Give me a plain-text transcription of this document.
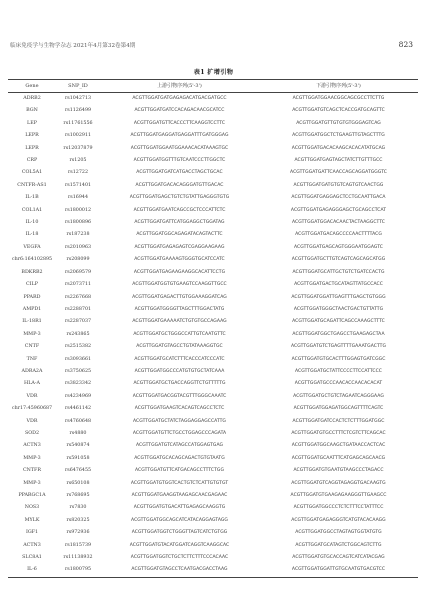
临床免疫学与生物学杂志 2021年4月第32卷第4期	823
表1 扩增引物
Gene	SNP_ID	上游引物序列(5'-3')	下游引物序列(5'-3')
ADRB2	rs1042713	ACGTTGGATGATGAGAGACATGACGATGCC	ACGTTGGATGGAACGGCAGCGCCTTCTTG
BGN	rs1126499	ACGTTGGATGATCCACAGACAACGCATCC	ACGTTGGATGTCAGCTCACCGATGCAGTTC
LEP	rs11761556	ACGTTGGATGTTCACCCTTCAAGGTCCTTC	ACGTTGGATGTTGTGTGTGGGAGTCAG
LEPR	rs1002911	ACGTTGGATGAGGATGAGGATTTGATGGGAG	ACGTTGGATGGCTCTGAAGTTGTAGCTTTG
LEPR	rs12037879	ACGTTGGATGGAATGGAAACACATAAAGTGC	ACGTTGGATGACACAAGCACACATATGCAG
CRP	rs1205	ACGTTGGATGGTTTGTCAATCCCTTGGCTC	ACGTTGGATGAGTAGCTATCTTGTTTGCC
COL5A1	rs12722	ACGTTGGATGATCATGACCTAGCTGCAC	ACGTTGGATGATTCAACCAGCAGGATGGGTC
CNTFR-AS1	rs1571401	ACGTTGGATGACACAGGGATGTTGACAC	ACGTTGGATGATGTGTCAGTGTCAACTGG
IL-1B	rs16944	ACGTTGGATGAGCTGTCTGTATTGAGGGTGTG	ACGTTGGATGAGGAGCTCCTGCAATTGACA
COL1A1	rs1800012	ACGTTGGATGAATCAGCCGCTCCCATTCTC	ACGTTGGATGAGAGGGAGCTGCAGCCTCAT
IL-10	rs1800896	ACGTTGGATGATTCATGGAGGCTGGATAG	ACGTTGGATGGACACAACTACTAAGGCTTC
IL-18	rs187238	ACGTTGGATGGCAGAGATACAGTACTTC	ACGTTGGATGACAGCCCCAACTTTTACG
VEGFA	rs2010963	ACGTTGGATGAGAGAGTCGAGGAAGAAG	ACGTTGGATGAGCAGTGGGAATGGAGTC
chr6:164102895	rs208099	ACGTTGGATGAAAAGTGGGTGCATCCATC	ACGTTGGATGCTTGTCAGTCAGCAGCATGG
BDKRB2	rs2069579	ACGTTGGATGAGAAGAAGGCACATTCCTG	ACGTTGGATGCATTGCTGTCTGATCCACTG
CILP	rs2073711	ACGTTGGATGGTGTGAAGTCCAAGGTTGCC	ACGTTGGATGACTGCATAGTTATGCCACC
PPARD	rs2267668	ACGTTGGATGAGACTTGTGGAAAGGATCAG	ACGTTGGATGGATTGAGTTTGAGCTGTGGG
AMPD1	rs2288701	ACGTTGGATGGGGTTAGCTTTGGACTATG	ACGTTGGATGGGCTAACTGACTGTTATTG
IL-18R1	rs2287037	ACGTTGGATGAAAAATCTGTGTGCCAGAAG	ACGTTGGATGCAGATTCAGCCAAAGCTTTC
MMP-3	rs243865	ACGTTGGATGCTGGGCCATTGTCAATGTTC	ACGTTGGATGGCTGAGCCTGAAGAGCTAA
CNTF	rs2515382	ACGTTGGATGTAGCCTGTATAAAGGTGC	ACGTTGGATGTCTGAGTTTTGAAATGACTTG
TNF	rs3093661	ACGTTGGATGCATCTTTCACCCATCCCATC	ACGTTGGATGTGCACTTTGGAGTGATCGGC
ADRA2A	rs3750625	ACGTTGGATGGCCCATGTGTGCTATCAAA	ACGTTGGATGCTATTCCCCTTCCATTCCC
HLA-A	rs3823342	ACGTTGGATGCTGACCAGGTTCTGTTTTTG	ACGTTGGATGCCCAACACCAACACACAT
VDR	rs4234969	ACGTTGGATGACGGTACGTTTGGGCAAATC	ACGTTGGATGCTGTCTAGAATCAGGGAAG
chr17:45960687	rs4461142	ACGTTGGATGAAGTCACAGTCAGCCTCTC	ACGTTGGATGGAGATGGCAGTTTTCAGTC
VDR	rs4760648	ACGTTGGATGCTATCTAGGAGGAGCCATTG	ACGTTGGATGATCCACTCTCTTTGGATGGC
SOD2	rs4880	ACGTTGGATGTTCTGCCTGGAGCCCAGATA	ACGTTGGATGTGCCTTTCTCGTCTTCAGCAC
ACTN3	rs540874	ACGTTGGATGTCATAGCCATGGAGTGAG	ACGTTGGATGGCAAGCTGATAACCACTCAC
MMP-3	rs591058	ACGTTGGATGCACAGCAGACTGTGTAATG	ACGTTGGATGCAATTTCATGAGCAGCAACG
CNTFR	rs6476455	ACGTTGGATGTTCATGACAGCCTTTCTGG	ACGTTGGATGTGAATGTAAGCCCTAGACC
MMP-3	rs650108	ACGTTGGATGTGGTCACTGTCTCATTGTGTGT	ACGTTGGATGTCAGGTAGAGGTGACAAGTG
PPARGC1A	rs768695	ACGTTGGATGAAGGTAAGAGCAACGAGAAC	ACGTTGGATGTGAAGAGAAGGGTTGAAGCC
NOS3	rs7830	ACGTTGGATGTGACATTGAGAGCAAGGTG	ACGTTGGATGGCCCTCTCTTTCCTATTTCC
MYLK	rs820325	ACGTTGGATGGCAGCATCATACAGGAGTAGG	ACGTTGGATGAGAGGGTCATGTACACAAGG
IGF1	rs972936	ACGTTGGATGGTCTGGGTTAGTCATCTGTGG	ACGTTGGATGGCCTAGTAGTGGTATGTG
ACTN3	rs1815739	ACGTTGGATGTACATGGATCAGGTCAAGGCAC	ACGTTGGATGCATAGTCTGGCAGTCTTG
SLC8A1	rs11138932	ACGTTGGATGGTCTGCTCTTCTTTCCCACAAC	ACGTTGGATGTGCACCAGTCATCATACGAG
IL-6	rs1800795	ACGTTGGATGTAGCCTCAATGACGACCTAAG	ACGTTGGATGGATTGTGCAATGTGACGTCC
